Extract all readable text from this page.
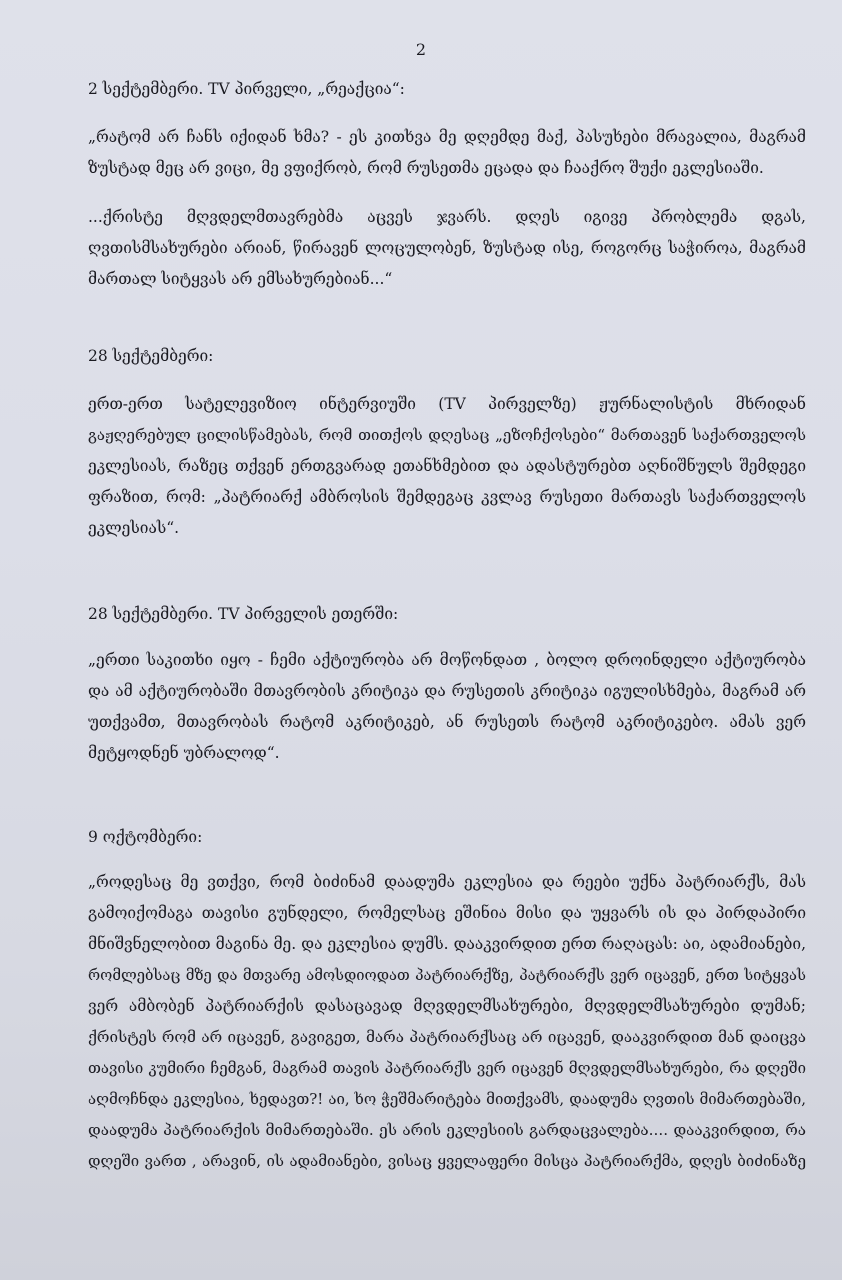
2
2 სექტემბერი. TV პირველი, „რეაქცია“:
„რატომ არ ჩანს იქიდან ხმა? - ეს კითხვა მე დღემდე მაქ, პასუხები მრავალია, მაგრამ
ზუსტად მეც არ ვიცი, მე ვფიქრობ, რომ რუსეთმა ეცადა და ჩააქრო შუქი ეკლესიაში.
...ქრისტე მღვდელმთავრებმა აცვეს ჯვარს. დღეს იგივე პრობლემა დგას,
ღვთისმსახურები არიან, წირავენ ლოცულობენ, ზუსტად ისე, როგორც საჭიროა, მაგრამ
მართალ სიტყვას არ ემსახურებიან...“
28 სექტემბერი:
ერთ-ერთ სატელევიზიო ინტერვიუში (TV პირველზე) ჟურნალისტის მხრიდან
გაჟღერებულ ცილისწამებას, რომ თითქოს დღესაც „ეზოჩქოსები“ მართავენ საქართველოს
ეკლესიას, რაზეც თქვენ ერთგვარად ეთანხმებით და ადასტურებთ აღნიშნულს შემდეგი
ფრაზით, რომ: „პატრიარქ ამბროსის შემდეგაც კვლავ რუსეთი მართავს საქართველოს
ეკლესიას“.
28 სექტემბერი. TV პირველის ეთერში:
„ერთი საკითხი იყო - ჩემი აქტიურობა არ მოწონდათ , ბოლო დროინდელი აქტიურობა
და ამ აქტიურობაში მთავრობის კრიტიკა და რუსეთის კრიტიკა იგულისხმება, მაგრამ არ
უთქვამთ, მთავრობას რატომ აკრიტიკებ, ან რუსეთს რატომ აკრიტიკებო. ამას ვერ
მეტყოდნენ უბრალოდ“.
9 ოქტომბერი:
„როდესაც მე ვთქვი, რომ ბიძინამ დაადუმა ეკლესია და რეები უქნა პატრიარქს, მას
გამოიქომაგა თავისი გუნდელი, რომელსაც ეშინია მისი და უყვარს ის და პირდაპირი
მნიშვნელობით მაგინა მე. და ეკლესია დუმს. დააკვირდით ერთ რაღაცას: აი, ადამიანები,
რომლებსაც მზე და მთვარე ამოსდიოდათ პატრიარქზე, პატრიარქს ვერ იცავენ, ერთ სიტყვას
ვერ ამბობენ პატრიარქის დასაცავად მღვდელმსახურები, მღვდელმსახურები დუმან;
ქრისტეს რომ არ იცავენ, გავიგეთ, მარა პატრიარქსაც არ იცავენ, დააკვირდით მან დაიცვა
თავისი კუმირი ჩემგან, მაგრამ თავის პატრიარქს ვერ იცავენ მღვდელმსახურები, რა დღეში
აღმოჩნდა ეკლესია, ხედავთ?! აი, ხო ჭეშმარიტება მითქვამს, დაადუმა ღვთის მიმართებაში,
დაადუმა პატრიარქის მიმართებაში. ეს არის ეკლესიის გარდაცვალება.... დააკვირდით, რა
დღეში ვართ , არავინ, ის ადამიანები, ვისაც ყველაფერი მისცა პატრიარქმა, დღეს ბიძინაზე
